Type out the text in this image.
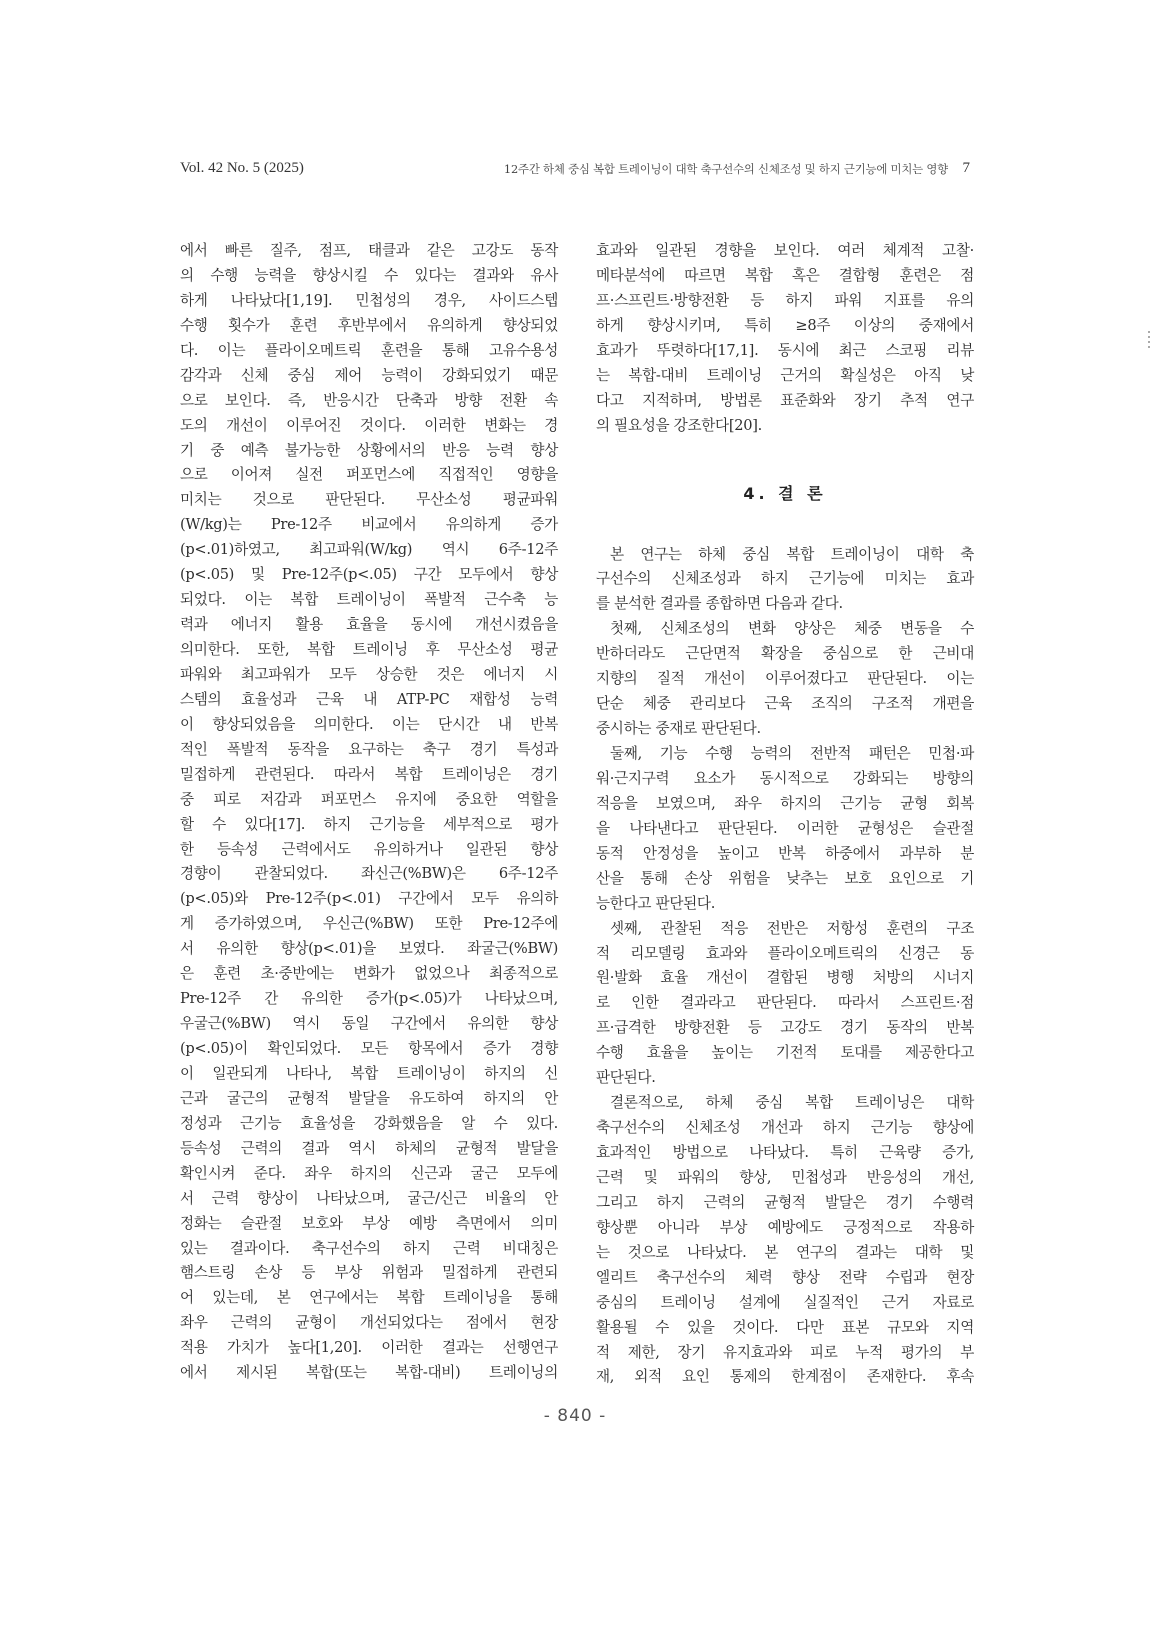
Vol. 42 No. 5 (2025)	12주간 하체 중심 복합 트레이닝이 대학 축구선수의 신체조성 및 하지 근기능에 미치는 영향 7
에서 빠른 질주, 점프, 태클과 같은 고강도 동작
의 수행 능력을 향상시킬 수 있다는 결과와 유사
하게 나타났다[1,19]. 민첩성의 경우, 사이드스텝
수행 횟수가 훈련 후반부에서 유의하게 향상되었
다. 이는 플라이오메트릭 훈련을 통해 고유수용성
감각과 신체 중심 제어 능력이 강화되었기 때문
으로 보인다. 즉, 반응시간 단축과 방향 전환 속
도의 개선이 이루어진 것이다. 이러한 변화는 경
기 중 예측 불가능한 상황에서의 반응 능력 향상
으로 이어져 실전 퍼포먼스에 직접적인 영향을
미치는 것으로 판단된다. 무산소성 평균파워
(W/kg)는 Pre-12주 비교에서 유의하게 증가
(p<.01)하였고, 최고파워(W/kg) 역시 6주-12주
(p<.05) 및 Pre-12주(p<.05) 구간 모두에서 향상
되었다. 이는 복합 트레이닝이 폭발적 근수축 능
력과 에너지 활용 효율을 동시에 개선시켰음을
의미한다. 또한, 복합 트레이닝 후 무산소성 평균
파워와 최고파워가 모두 상승한 것은 에너지 시
스템의 효율성과 근육 내 ATP-PC 재합성 능력
이 향상되었음을 의미한다. 이는 단시간 내 반복
적인 폭발적 동작을 요구하는 축구 경기 특성과
밀접하게 관련된다. 따라서 복합 트레이닝은 경기
중 피로 저감과 퍼포먼스 유지에 중요한 역할을
할 수 있다[17]. 하지 근기능을 세부적으로 평가
한 등속성 근력에서도 유의하거나 일관된 향상
경향이 관찰되었다. 좌신근(%BW)은 6주-12주
(p<.05)와 Pre-12주(p<.01) 구간에서 모두 유의하
게 증가하였으며, 우신근(%BW) 또한 Pre-12주에
서 유의한 향상(p<.01)을 보였다. 좌굴근(%BW)
은 훈련 초·중반에는 변화가 없었으나 최종적으로
Pre-12주 간 유의한 증가(p<.05)가 나타났으며,
우굴근(%BW) 역시 동일 구간에서 유의한 향상
(p<.05)이 확인되었다. 모든 항목에서 증가 경향
이 일관되게 나타나, 복합 트레이닝이 하지의 신
근과 굴근의 균형적 발달을 유도하여 하지의 안
정성과 근기능 효율성을 강화했음을 알 수 있다.
등속성 근력의 결과 역시 하체의 균형적 발달을
확인시켜 준다. 좌우 하지의 신근과 굴근 모두에
서 근력 향상이 나타났으며, 굴근/신근 비율의 안
정화는 슬관절 보호와 부상 예방 측면에서 의미
있는 결과이다. 축구선수의 하지 근력 비대칭은
햄스트링 손상 등 부상 위험과 밀접하게 관련되
어 있는데, 본 연구에서는 복합 트레이닝을 통해
좌우 근력의 균형이 개선되었다는 점에서 현장
적용 가치가 높다[1,20]. 이러한 결과는 선행연구
에서 제시된 복합(또는 복합-대비) 트레이닝의
효과와 일관된 경향을 보인다. 여러 체계적 고찰·
메타분석에 따르면 복합 혹은 결합형 훈련은 점
프·스프린트·방향전환 등 하지 파워 지표를 유의
하게 향상시키며, 특히 ≥8주 이상의 중재에서
효과가 뚜렷하다[17,1]. 동시에 최근 스코핑 리뷰
는 복합-대비 트레이닝 근거의 확실성은 아직 낮
다고 지적하며, 방법론 표준화와 장기 추적 연구
의 필요성을 강조한다[20].
4. 결 론
본 연구는 하체 중심 복합 트레이닝이 대학 축
구선수의 신체조성과 하지 근기능에 미치는 효과
를 분석한 결과를 종합하면 다음과 같다.
첫째, 신체조성의 변화 양상은 체중 변동을 수
반하더라도 근단면적 확장을 중심으로 한 근비대
지향의 질적 개선이 이루어졌다고 판단된다. 이는
단순 체중 관리보다 근육 조직의 구조적 개편을
중시하는 중재로 판단된다.
둘째, 기능 수행 능력의 전반적 패턴은 민첩·파
워·근지구력 요소가 동시적으로 강화되는 방향의
적응을 보였으며, 좌우 하지의 근기능 균형 회복
을 나타낸다고 판단된다. 이러한 균형성은 슬관절
동적 안정성을 높이고 반복 하중에서 과부하 분
산을 통해 손상 위험을 낮추는 보호 요인으로 기
능한다고 판단된다.
셋째, 관찰된 적응 전반은 저항성 훈련의 구조
적 리모델링 효과와 플라이오메트릭의 신경근 동
원·발화 효율 개선이 결합된 병행 처방의 시너지
로 인한 결과라고 판단된다. 따라서 스프린트·점
프·급격한 방향전환 등 고강도 경기 동작의 반복
수행 효율을 높이는 기전적 토대를 제공한다고
판단된다.
결론적으로, 하체 중심 복합 트레이닝은 대학
축구선수의 신체조성 개선과 하지 근기능 향상에
효과적인 방법으로 나타났다. 특히 근육량 증가,
근력 및 파워의 향상, 민첩성과 반응성의 개선,
그리고 하지 근력의 균형적 발달은 경기 수행력
향상뿐 아니라 부상 예방에도 긍정적으로 작용하
는 것으로 나타났다. 본 연구의 결과는 대학 및
엘리트 축구선수의 체력 향상 전략 수립과 현장
중심의 트레이닝 설계에 실질적인 근거 자료로
활용될 수 있을 것이다. 다만 표본 규모와 지역
적 제한, 장기 유지효과와 피로 누적 평가의 부
재, 외적 요인 통제의 한계점이 존재한다. 후속
- 840 -
